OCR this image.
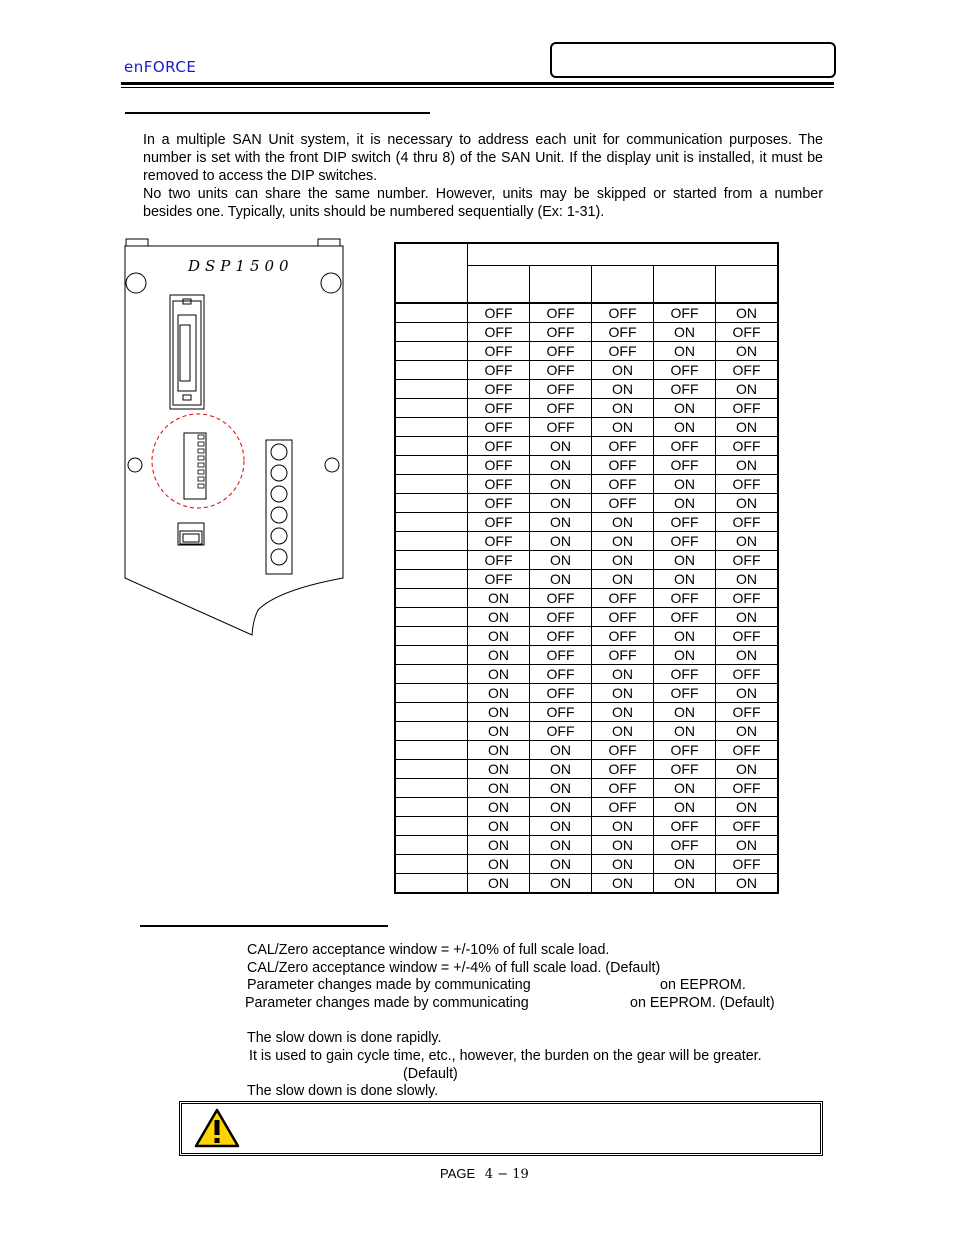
enFORCE

In a multiple SAN Unit system, it is necessary to address each unit for communication purposes. The number is set with the front DIP switch (4 thru 8) of the SAN Unit. If the display unit is installed, it must be removed to access the DIP switches.

No two units can share the same number. However, units may be skipped or started from a number besides one. Typically, units should be numbered sequentially (Ex: 1-31).

DSP1500

	OFF	OFF	OFF	OFF	ON
	OFF	OFF	OFF	ON	OFF
	OFF	OFF	OFF	ON	ON
	OFF	OFF	ON	OFF	OFF
	OFF	OFF	ON	OFF	ON
	OFF	OFF	ON	ON	OFF
	OFF	OFF	ON	ON	ON
	OFF	ON	OFF	OFF	OFF
	OFF	ON	OFF	OFF	ON
	OFF	ON	OFF	ON	OFF
	OFF	ON	OFF	ON	ON
	OFF	ON	ON	OFF	OFF
	OFF	ON	ON	OFF	ON
	OFF	ON	ON	ON	OFF
	OFF	ON	ON	ON	ON
	ON	OFF	OFF	OFF	OFF
	ON	OFF	OFF	OFF	ON
	ON	OFF	OFF	ON	OFF
	ON	OFF	OFF	ON	ON
	ON	OFF	ON	OFF	OFF
	ON	OFF	ON	OFF	ON
	ON	OFF	ON	ON	OFF
	ON	OFF	ON	ON	ON
	ON	ON	OFF	OFF	OFF
	ON	ON	OFF	OFF	ON
	ON	ON	OFF	ON	OFF
	ON	ON	OFF	ON	ON
	ON	ON	ON	OFF	OFF
	ON	ON	ON	OFF	ON
	ON	ON	ON	ON	OFF
	ON	ON	ON	ON	ON
CAL/Zero acceptance window = +/-10% of full scale load.
CAL/Zero acceptance window = +/-4% of full scale load. (Default)
Parameter changes made by communicating	on EEPROM.
Parameter changes made by communicating	on EEPROM. (Default)
The slow down is done rapidly.
It is used to gain cycle time, etc., however, the burden on the gear will be greater.
(Default)
The slow down is done slowly.
PAGE 4 − 19
